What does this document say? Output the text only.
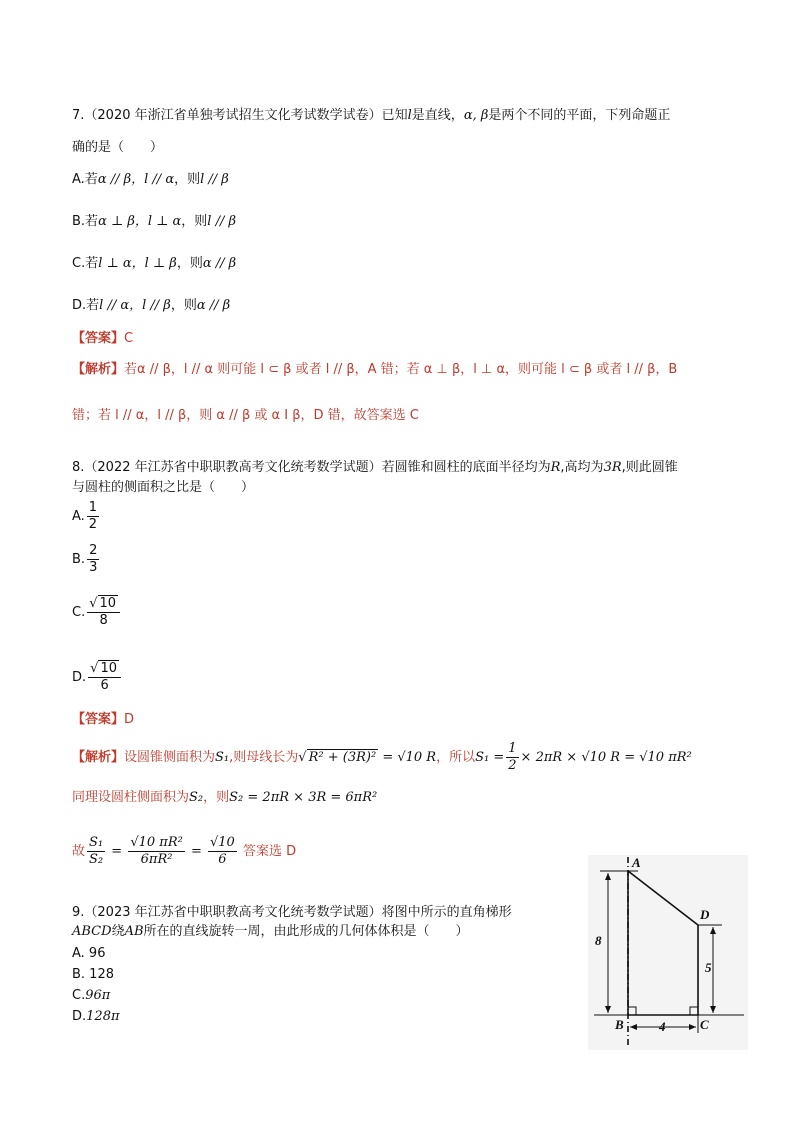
7.（2020 年浙江省单独考试招生文化考试数学试卷）已知l是直线，α, β是两个不同的平面，下列命题正
确的是（　　）
A.若α // β，l // α，则l // β
B.若α ⊥ β，l ⊥ α，则l // β
C.若l ⊥ α，l ⊥ β，则α // β
D.若l // α，l // β，则α // β
【答案】C
【解析】若α // β，l // α 则可能 l ⊂ β 或者 l // β，A 错；若 α ⊥ β，l ⊥ α，则可能 l ⊂ β 或者 l // β，B
错；若 l // α，l // β，则 α // β 或 α I β，D 错，故答案选 C
8.（2022 年江苏省中职职教高考文化统考数学试题）若圆锥和圆柱的底面半径均为R,高均为3R,则此圆锥
与圆柱的侧面积之比是（　　）
A. $\frac{1}{2}$
B. $\frac{2}{3}$
C. $\frac{√ 10}{8}$
D. $\frac{√ 10}{6}$
【答案】D
【解析】设圆锥侧面积为S₁,则母线长为√ R² + (3R)² = √10 R，所以$S_1 = \frac{1}{2} \times 2\pi R \times √10$ R = √10 πR²
同理设圆柱侧面积为S₂，则S₂ = 2πR × 3R = 6πR²
故 $\frac{\text{S₁}}{\text{S₂}} = \frac{\text{√10 πR²}}{\text{6πR²}} = \frac{√10}{6}$ 答案选 D
9.（2023 年江苏省中职职教高考文化统考数学试题）将图中所示的直角梯形
ABCD绕AB所在的直线旋转一周，由此形成的几何体体积是（　　）
A. 96
B. 128
C.96π
D.128π
A
D
B	C
8
5
4
